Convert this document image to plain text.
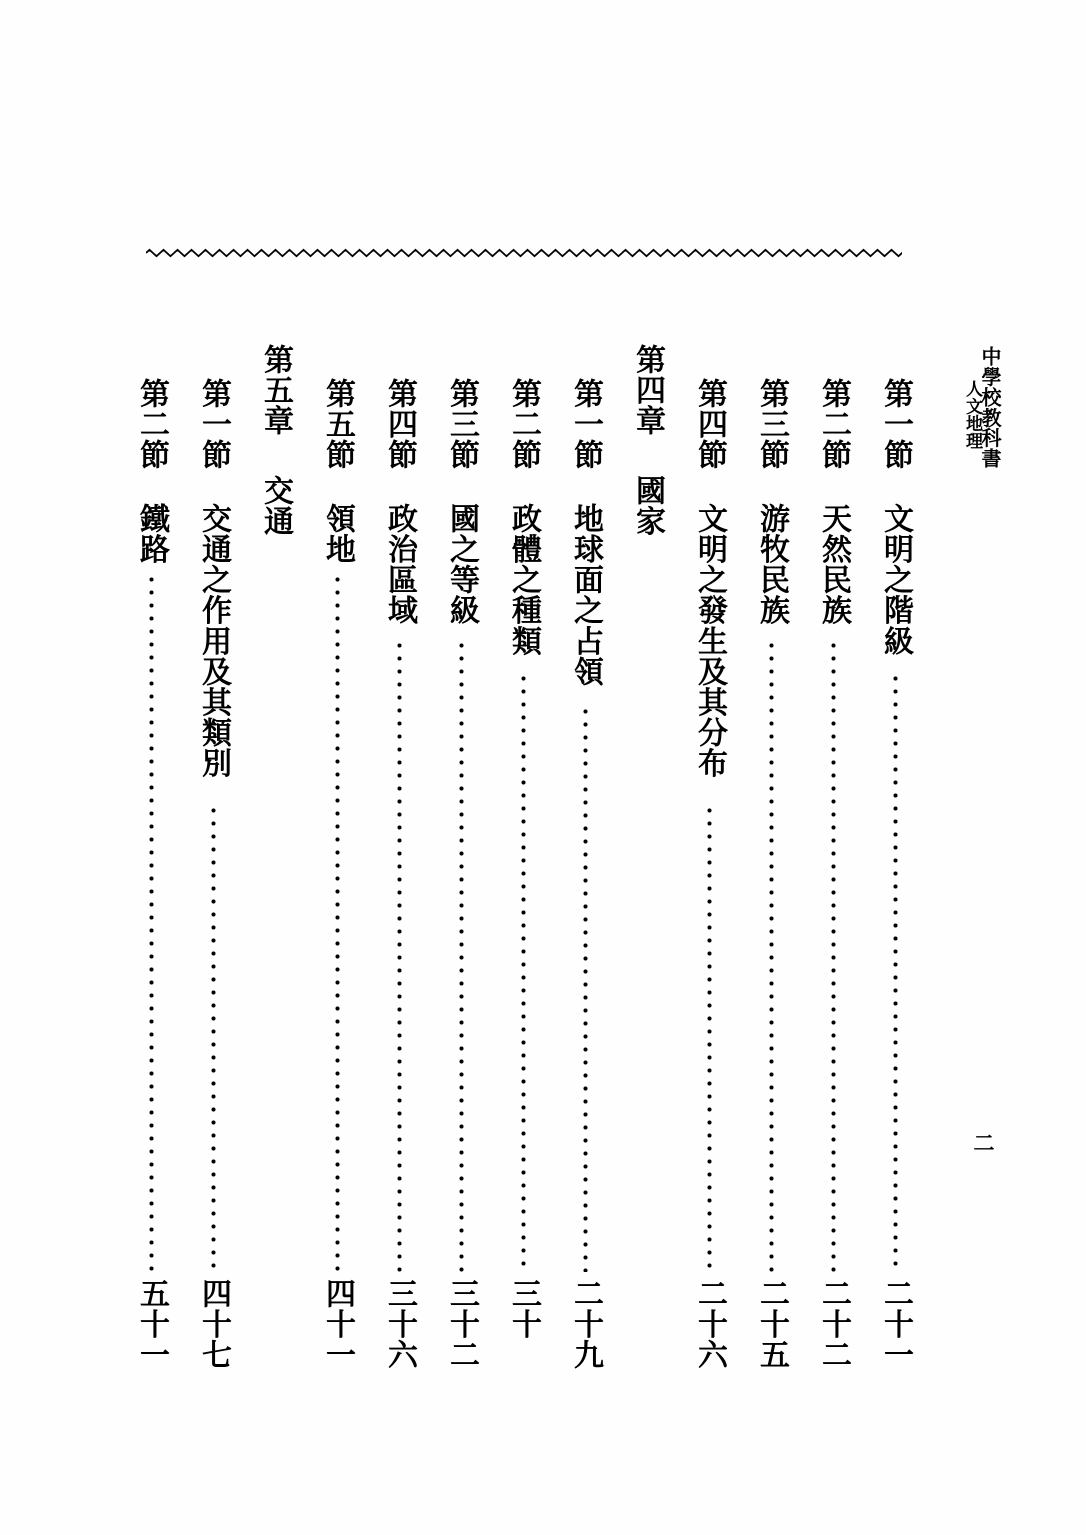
人文地理
中學校教科書
二
第一節
文明之階級
二十一
第二節
天然民族
二十二
第三節
游牧民族
二十五
第四節
文明之發生及其分布
二十六
第四章
國家
第一節
地球面之占領
二十九
第二節
政體之種類
三十
第三節
國之等級
三十二
第四節
政治區域
三十六
第五節
領地
四十一
第五章
交通
第一節
交通之作用及其類別
四十七
第二節
鐵路
五十一
